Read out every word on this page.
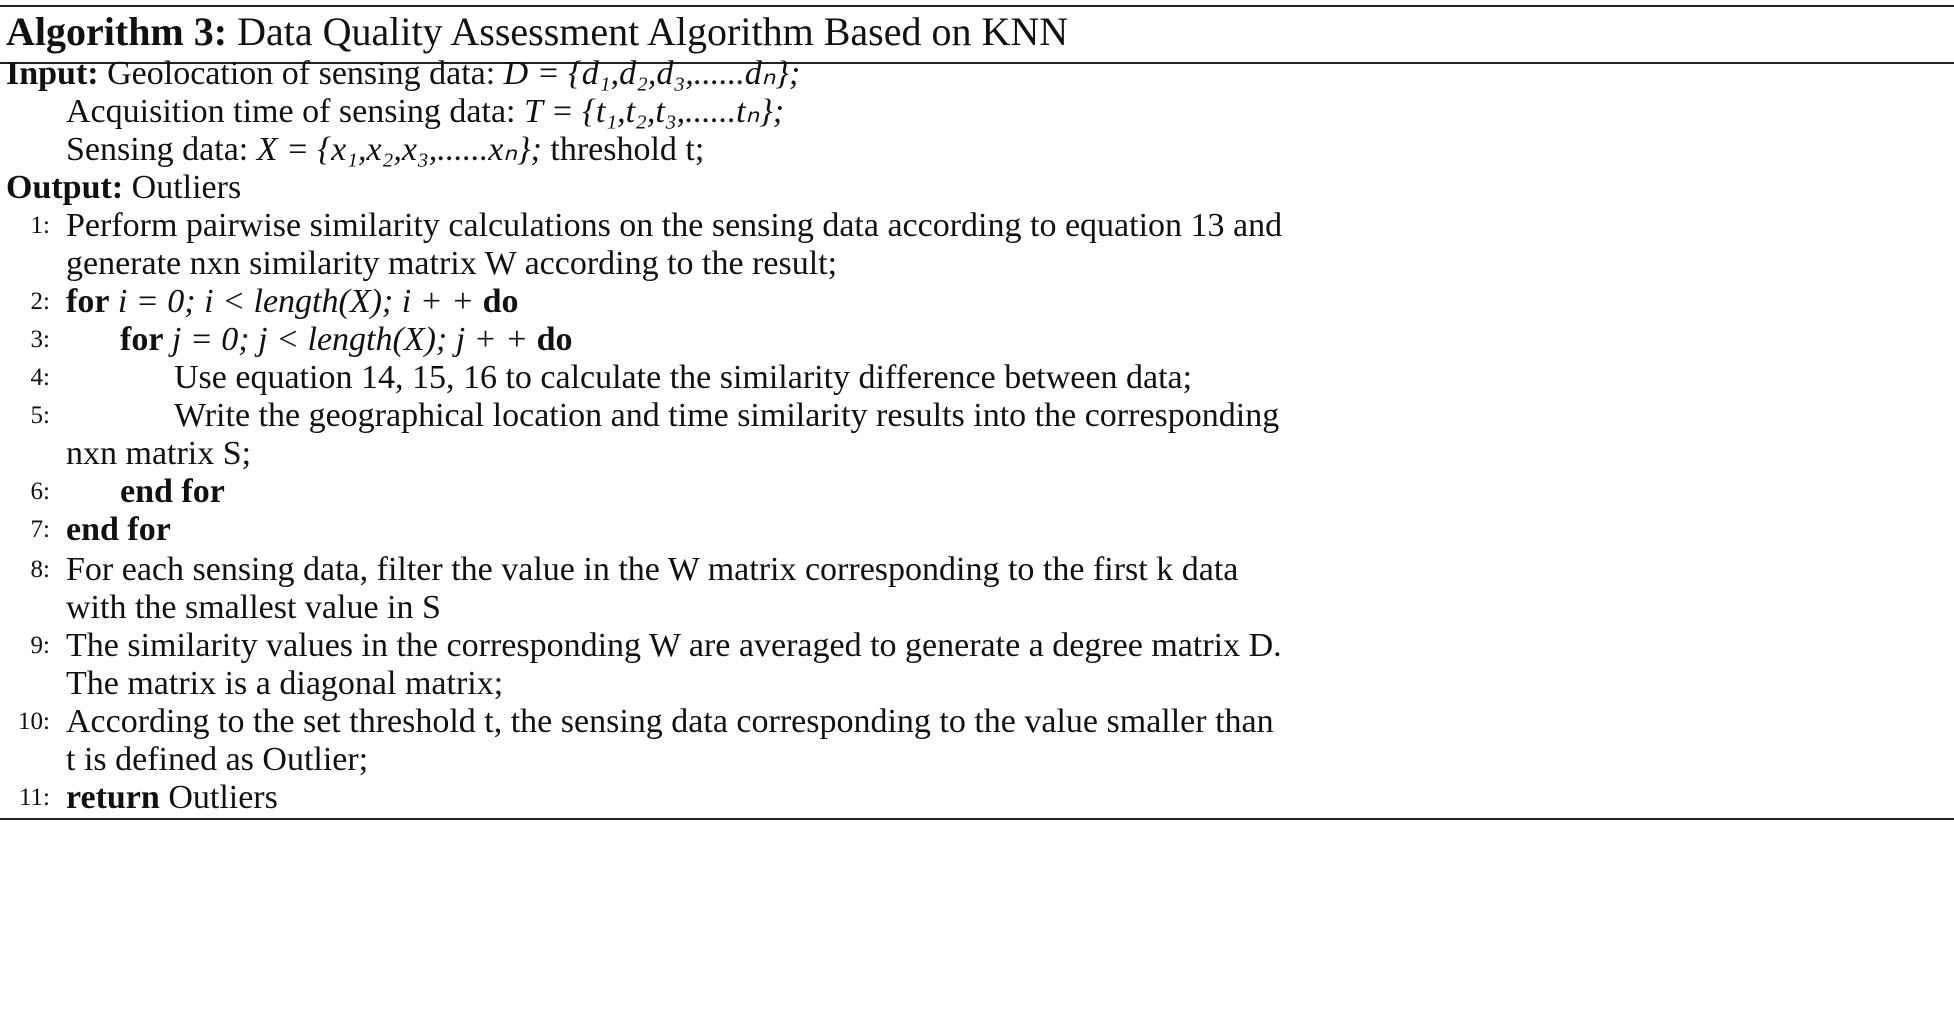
Algorithm 3: Data Quality Assessment Algorithm Based on KNN
Input: Geolocation of sensing data: D = {d₁,d₂,d₃,......dₙ};
Acquisition time of sensing data: T = {t₁,t₂,t₃,......tₙ};
Sensing data: X = {x₁,x₂,x₃,......xₙ}; threshold t;
Output: Outliers
1: Perform pairwise similarity calculations on the sensing data according to equation 13 and
generate nxn similarity matrix W according to the result;
2: for i = 0; i < length(X); i + + do
3: for j = 0; j < length(X); j + + do
4:	Use equation 14, 15, 16 to calculate the similarity difference between data;
5:	Write the geographical location and time similarity results into the corresponding
nxn matrix S;
6: end for
7: end for
8: For each sensing data, filter the value in the W matrix corresponding to the first k data
with the smallest value in S
9: The similarity values in the corresponding W are averaged to generate a degree matrix D.
The matrix is a diagonal matrix;
10: According to the set threshold t, the sensing data corresponding to the value smaller than
t is defined as Outlier;
11: return Outliers
